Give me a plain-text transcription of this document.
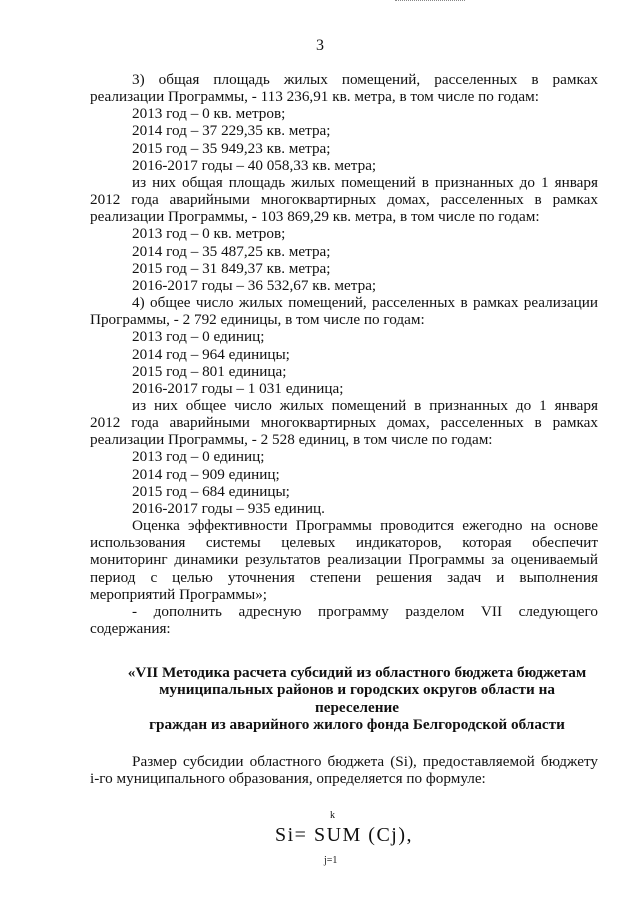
3

3) общая площадь жилых помещений, расселенных в рамках

реализации Программы, - 113 236,91 кв. метра, в том числе по годам:

2013 год – 0 кв. метров;

2014 год – 37 229,35 кв. метра;

2015 год – 35 949,23 кв. метра;

2016-2017 годы – 40 058,33 кв. метра;

из них общая площадь жилых помещений в признанных до 1 января

2012 года аварийными многоквартирных домах, расселенных в рамках

реализации Программы, - 103 869,29 кв. метра, в том числе по годам:

2013 год – 0 кв. метров;

2014 год – 35 487,25 кв. метра;

2015 год – 31 849,37 кв. метра;

2016-2017 годы – 36 532,67 кв. метра;

4) общее число жилых помещений, расселенных в рамках реализации

Программы, - 2 792 единицы, в том числе по годам:

2013 год – 0 единиц;

2014 год – 964 единицы;

2015 год – 801 единица;

2016-2017 годы – 1 031 единица;

из них общее число жилых помещений в признанных до 1 января

2012 года аварийными многоквартирных домах, расселенных в рамках

реализации Программы, - 2 528 единиц, в том числе по годам:

2013 год – 0 единиц;

2014 год – 909 единиц;

2015 год – 684 единицы;

2016-2017 годы – 935 единиц.

Оценка эффективности Программы проводится ежегодно на основе

использования системы целевых индикаторов, которая обеспечит

мониторинг динамики результатов реализации Программы за оцениваемый

период с целью уточнения степени решения задач и выполнения

мероприятий Программы»;

- дополнить адресную программу разделом VII следующего

содержания:

«VII Методика расчета субсидий из областного бюджета бюджетам
муниципальных районов и городских округов области на переселение
граждан из аварийного жилого фонда Белгородской области

Размер субсидии областного бюджета (Si), предоставляемой бюджету

i-го муниципального образования, определяется по формуле:

k
Si= SUM (Cj),
j=1
